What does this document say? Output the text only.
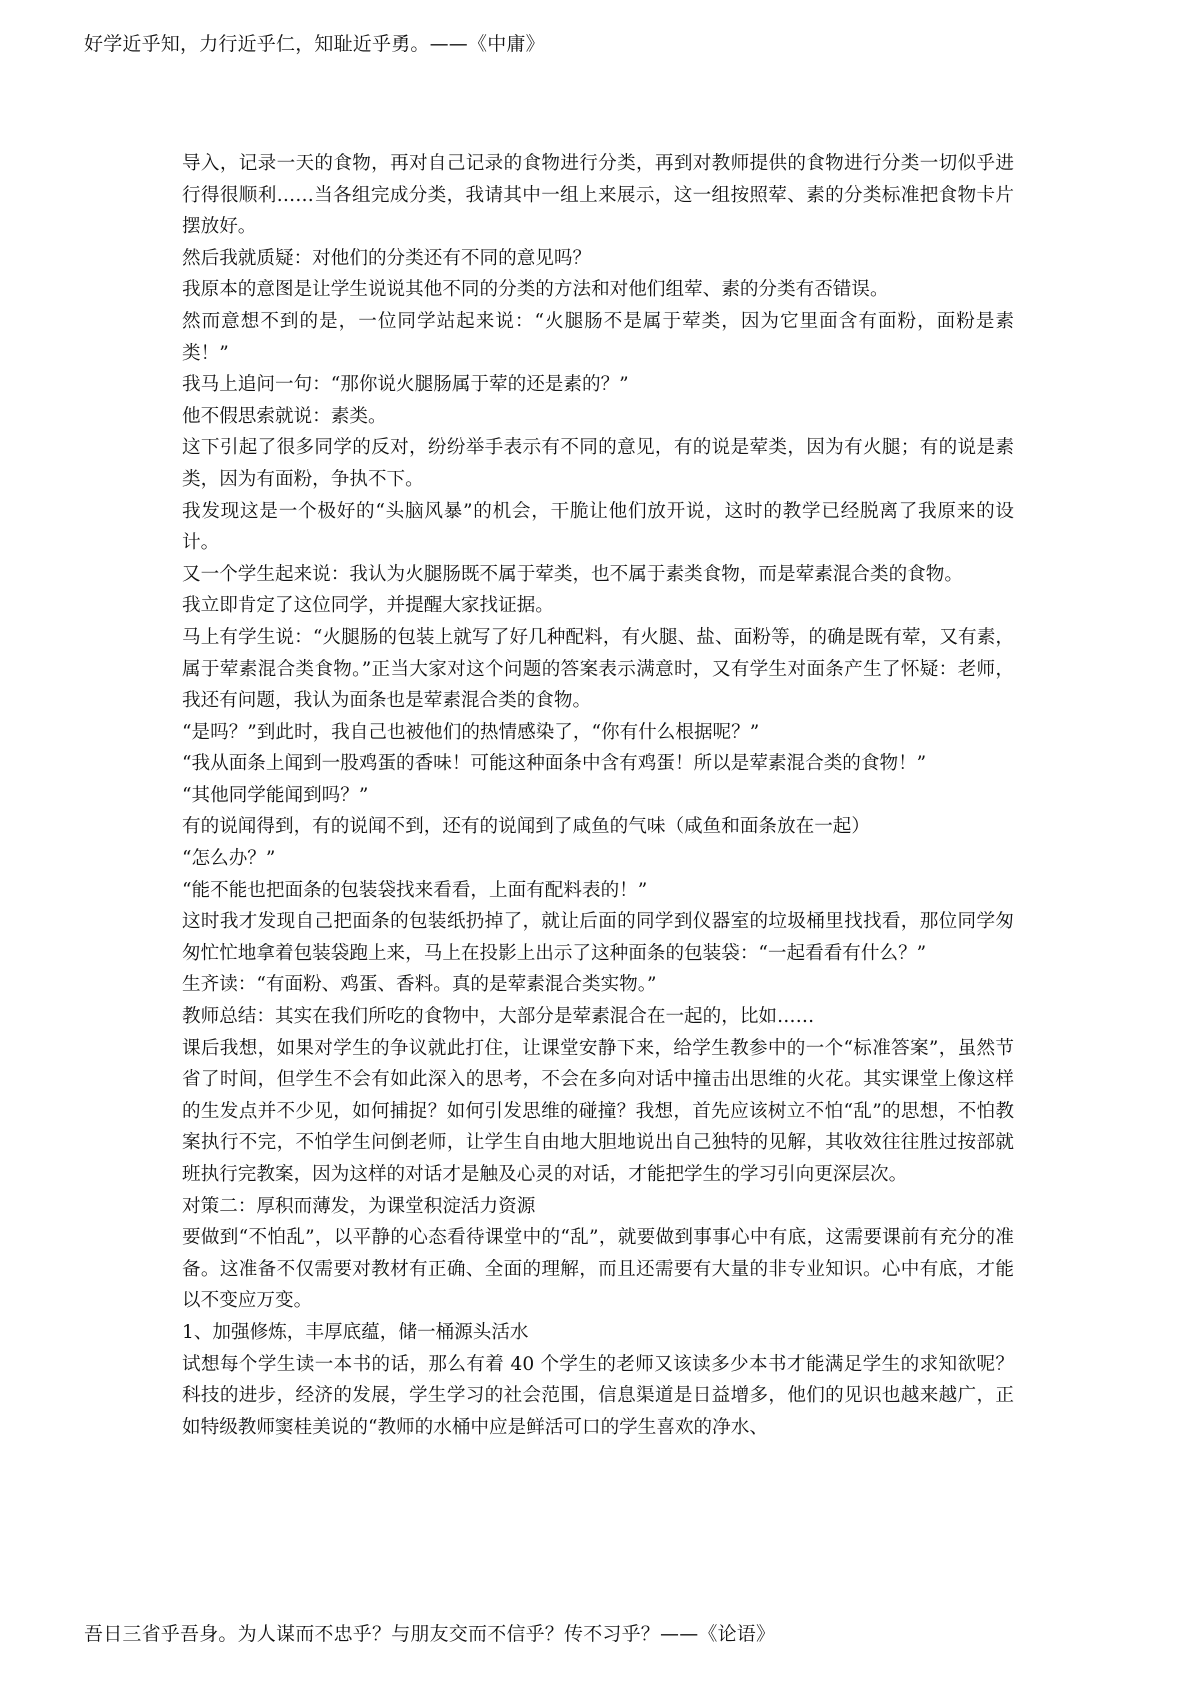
好学近乎知，力行近乎仁，知耻近乎勇。——《中庸》

导入，记录一天的食物，再对自己记录的食物进行分类，再到对教师提供的食物进行分类一切似乎进行得很顺利……当各组完成分类，我请其中一组上来展示，这一组按照荤、素的分类标准把食物卡片摆放好。

然后我就质疑：对他们的分类还有不同的意见吗？

我原本的意图是让学生说说其他不同的分类的方法和对他们组荤、素的分类有否错误。

然而意想不到的是，一位同学站起来说：“火腿肠不是属于荤类，因为它里面含有面粉，面粉是素类！”

我马上追问一句：“那你说火腿肠属于荤的还是素的？”

他不假思索就说：素类。

这下引起了很多同学的反对，纷纷举手表示有不同的意见，有的说是荤类，因为有火腿；有的说是素类，因为有面粉，争执不下。

我发现这是一个极好的“头脑风暴”的机会，干脆让他们放开说，这时的教学已经脱离了我原来的设计。

又一个学生起来说：我认为火腿肠既不属于荤类，也不属于素类食物，而是荤素混合类的食物。

我立即肯定了这位同学，并提醒大家找证据。

马上有学生说：“火腿肠的包装上就写了好几种配料，有火腿、盐、面粉等，的确是既有荤，又有素，属于荤素混合类食物。”正当大家对这个问题的答案表示满意时，又有学生对面条产生了怀疑：老师，我还有问题，我认为面条也是荤素混合类的食物。

“是吗？”到此时，我自己也被他们的热情感染了，“你有什么根据呢？”

“我从面条上闻到一股鸡蛋的香味！可能这种面条中含有鸡蛋！所以是荤素混合类的食物！”

“其他同学能闻到吗？”

有的说闻得到，有的说闻不到，还有的说闻到了咸鱼的气味（咸鱼和面条放在一起）

“怎么办？”

“能不能也把面条的包装袋找来看看，上面有配料表的！”

这时我才发现自己把面条的包装纸扔掉了，就让后面的同学到仪器室的垃圾桶里找找看，那位同学匆匆忙忙地拿着包装袋跑上来，马上在投影上出示了这种面条的包装袋：“一起看看有什么？”

生齐读：“有面粉、鸡蛋、香料。真的是荤素混合类实物。”

教师总结：其实在我们所吃的食物中，大部分是荤素混合在一起的，比如……

课后我想，如果对学生的争议就此打住，让课堂安静下来，给学生教参中的一个“标准答案”，虽然节省了时间，但学生不会有如此深入的思考，不会在多向对话中撞击出思维的火花。其实课堂上像这样的生发点并不少见，如何捕捉？如何引发思维的碰撞？我想，首先应该树立不怕“乱”的思想，不怕教案执行不完，不怕学生问倒老师，让学生自由地大胆地说出自己独特的见解，其收效往往胜过按部就班执行完教案，因为这样的对话才是触及心灵的对话，才能把学生的学习引向更深层次。

对策二：厚积而薄发，为课堂积淀活力资源

要做到“不怕乱”，以平静的心态看待课堂中的“乱”，就要做到事事心中有底，这需要课前有充分的准备。这准备不仅需要对教材有正确、全面的理解，而且还需要有大量的非专业知识。心中有底，才能以不变应万变。

1、加强修炼，丰厚底蕴，储一桶源头活水

试想每个学生读一本书的话，那么有着 40 个学生的老师又该读多少本书才能满足学生的求知欲呢？科技的进步，经济的发展，学生学习的社会范围，信息渠道是日益增多，他们的见识也越来越广，正如特级教师窦桂美说的“教师的水桶中应是鲜活可口的学生喜欢的净水、

吾日三省乎吾身。为人谋而不忠乎？与朋友交而不信乎？传不习乎？——《论语》
